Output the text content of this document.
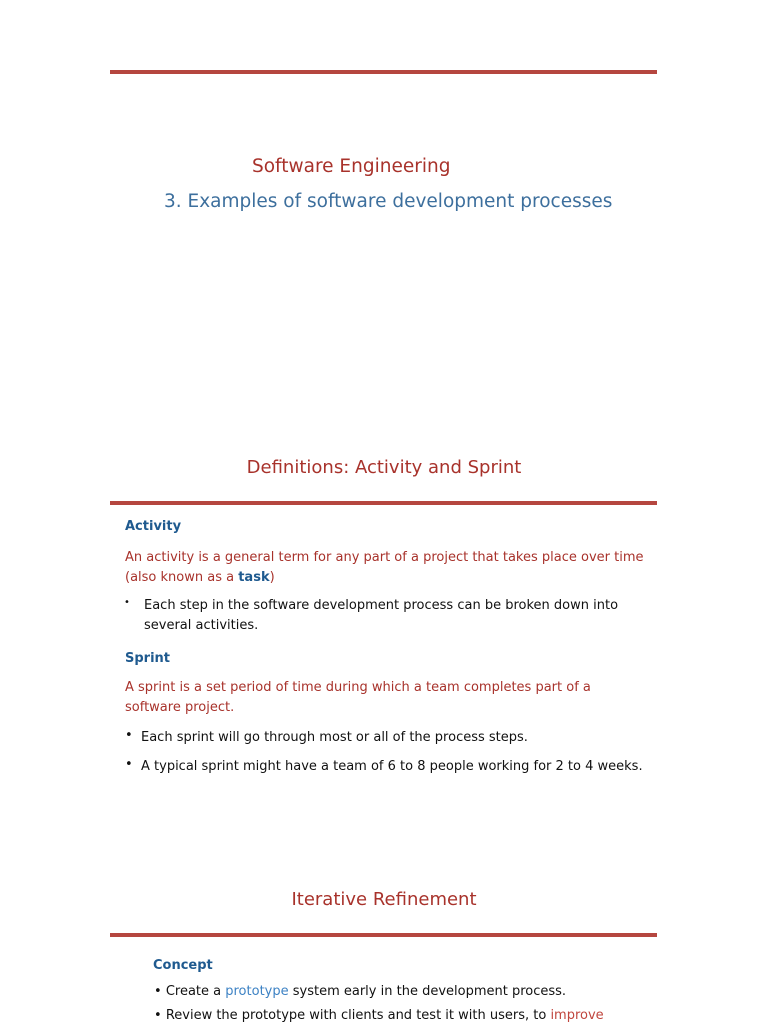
Software Engineering
3. Examples of software development processes
Definitions: Activity and Sprint
Activity
An activity is a general term for any part of a project that takes place over time
(also known as a task)
• Each step in the software development process can be broken down into
several activities.
Sprint
A sprint is a set period of time during which a team completes part of a
software project.
• Each sprint will go through most or all of the process steps.
• A typical sprint might have a team of 6 to 8 people working for 2 to 4 weeks.
Iterative Refinement
Concept
• Create a prototype system early in the development process.
• Review the prototype with clients and test it with users, to improve
